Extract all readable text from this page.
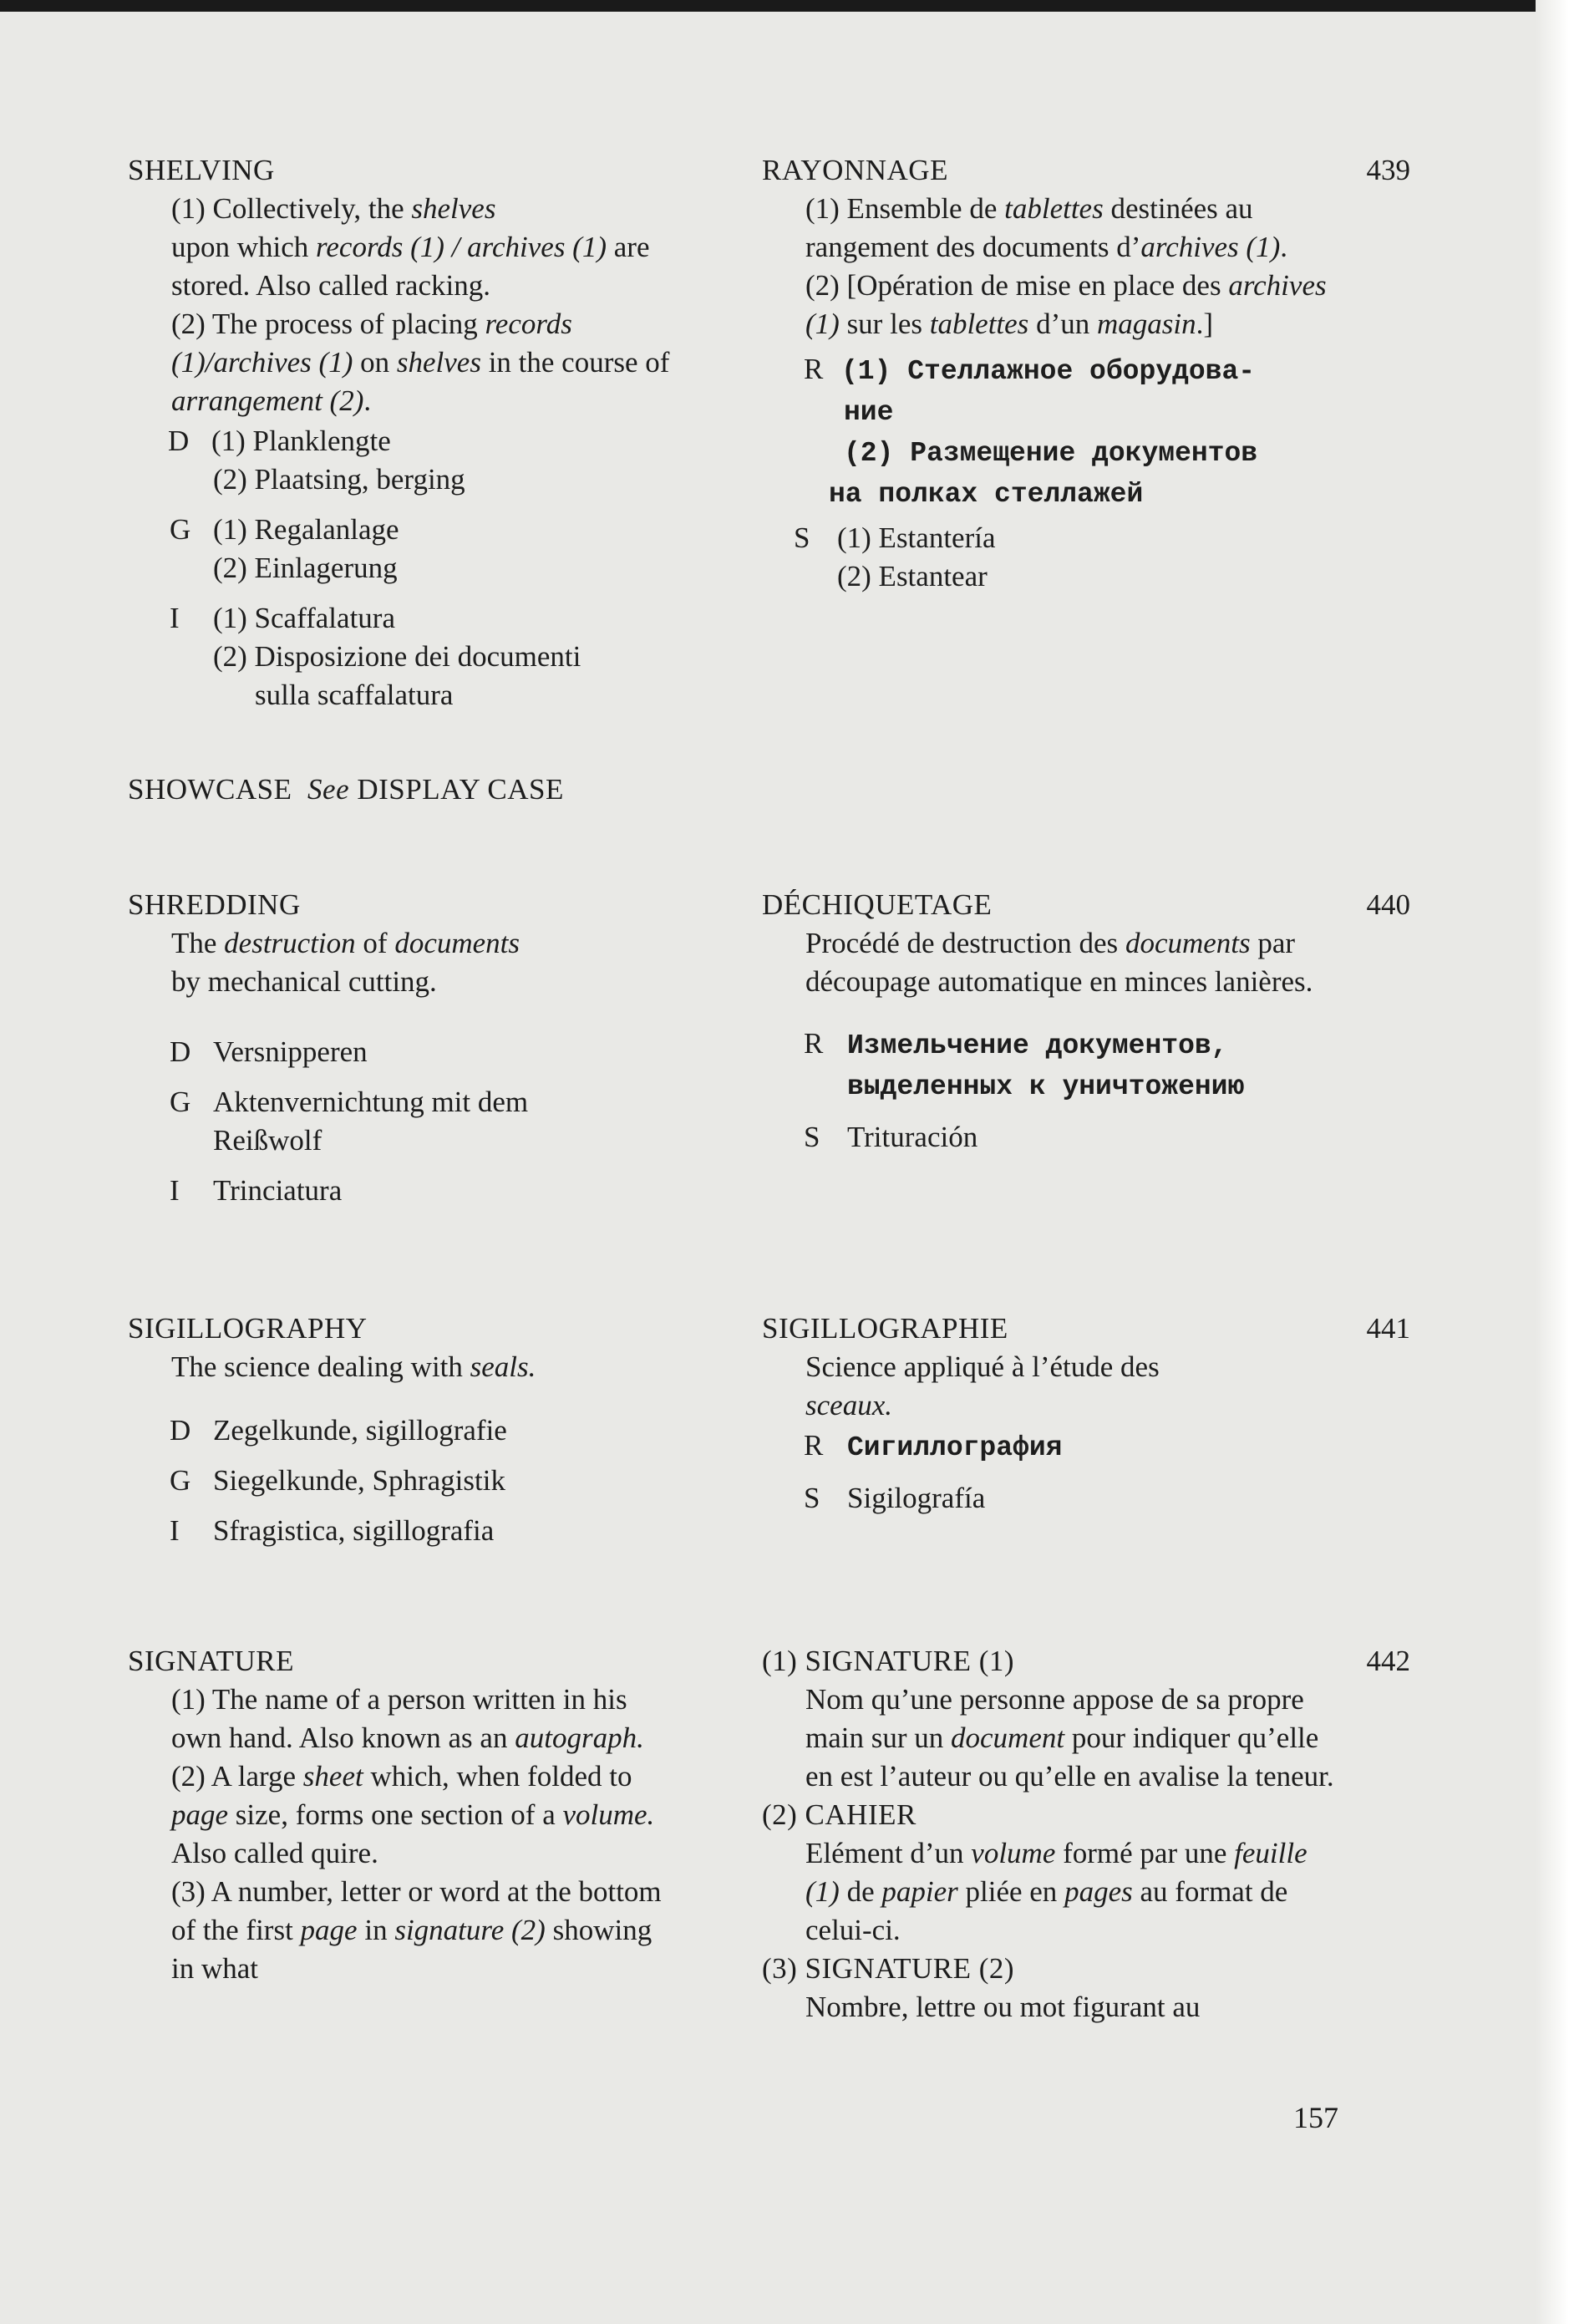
SHELVING
(1) Collectively, the shelves
upon which records (1) / archives (1) are stored. Also called racking.
(2) The process of placing records (1)/archives (1) on shelves in the course of arrangement (2).
D (1) Planklengte
(2) Plaatsing, berging
G (1) Regalanlage
(2) Einlagerung
I (1) Scaffalatura
(2) Disposizione dei documenti
sulla scaffalatura
RAYONNAGE
(1) Ensemble de tablettes destinées au rangement des documents d’archives (1).
(2) [Opération de mise en place des archives (1) sur les tablettes d’un magasin.]
R (1) Стеллажное оборудова-
ние
(2) Размещение документов
на полках стеллажей
S (1) Estantería
(2) Estantear
439
SHOWCASE See DISPLAY CASE
SHREDDING
The destruction of documents
by mechanical cutting.
D Versnipperen
G Aktenvernichtung mit dem
Reißwolf
I Trinciatura
DÉCHIQUETAGE
Procédé de destruction des documents par découpage automatique en minces lanières.
R Измельчение документов,
выделенных к уничтожению
S Trituración
440
SIGILLOGRAPHY
The science dealing with seals.
D Zegelkunde, sigillografie
G Siegelkunde, Sphragistik
I Sfragistica, sigillografia
SIGILLOGRAPHIE
Science appliqué à l’étude des
sceaux.
R Сигиллография
S Sigilografía
441
SIGNATURE
(1) The name of a person written in his own hand. Also known as an autograph.
(2) A large sheet which, when folded to page size, forms one section of a volume. Also called quire.
(3) A number, letter or word at the bottom of the first page in signature (2) showing in what
(1) SIGNATURE (1)
Nom qu’une personne appose de sa propre main sur un document pour indiquer qu’elle en est l’auteur ou qu’elle en avalise la teneur.
(2) CAHIER
Elément d’un volume formé par une feuille (1) de papier pliée en pages au format de celui-ci.
(3) SIGNATURE (2)
Nombre, lettre ou mot figurant au
442
157
